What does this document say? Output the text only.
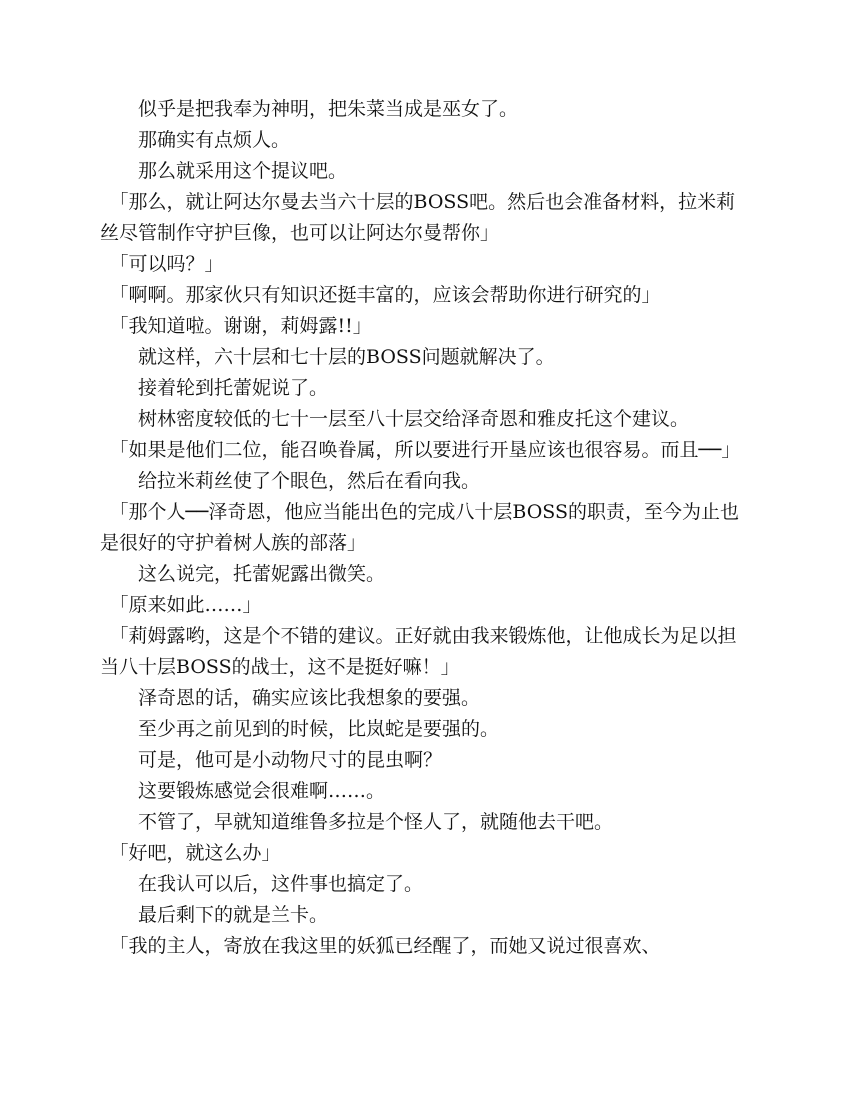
　　似乎是把我奉为神明，把朱菜当成是巫女了。

　　那确实有点烦人。

　　那么就采用这个提议吧。

　「那么，就让阿达尔曼去当六十层的BOSS吧。然后也会准备材料，拉米莉丝尽管制作守护巨像，也可以让阿达尔曼帮你」

　「可以吗？」

　「啊啊。那家伙只有知识还挺丰富的，应该会帮助你进行研究的」

　「我知道啦。谢谢，莉姆露!!」

　　就这样，六十层和七十层的BOSS问题就解决了。

　　接着轮到托蕾妮说了。

　　树林密度较低的七十一层至八十层交给泽奇恩和雅皮托这个建议。

　「如果是他们二位，能召唤眷属，所以要进行开垦应该也很容易。而且──」

　　给拉米莉丝使了个眼色，然后在看向我。

　「那个人──泽奇恩，他应当能出色的完成八十层BOSS的职责，至今为止也是很好的守护着树人族的部落」

　　这么说完，托蕾妮露出微笑。

　「原来如此……」

　「莉姆露哟，这是个不错的建议。正好就由我来锻炼他，让他成长为足以担当八十层BOSS的战士，这不是挺好嘛！」

　　泽奇恩的话，确实应该比我想象的要强。

　　至少再之前见到的时候，比岚蛇是要强的。

　　可是，他可是小动物尺寸的昆虫啊？

　　这要锻炼感觉会很难啊……。

　　不管了，早就知道维鲁多拉是个怪人了，就随他去干吧。

　「好吧，就这么办」

　　在我认可以后，这件事也搞定了。

　　最后剩下的就是兰卡。

　「我的主人，寄放在我这里的妖狐已经醒了，而她又说过很喜欢、
